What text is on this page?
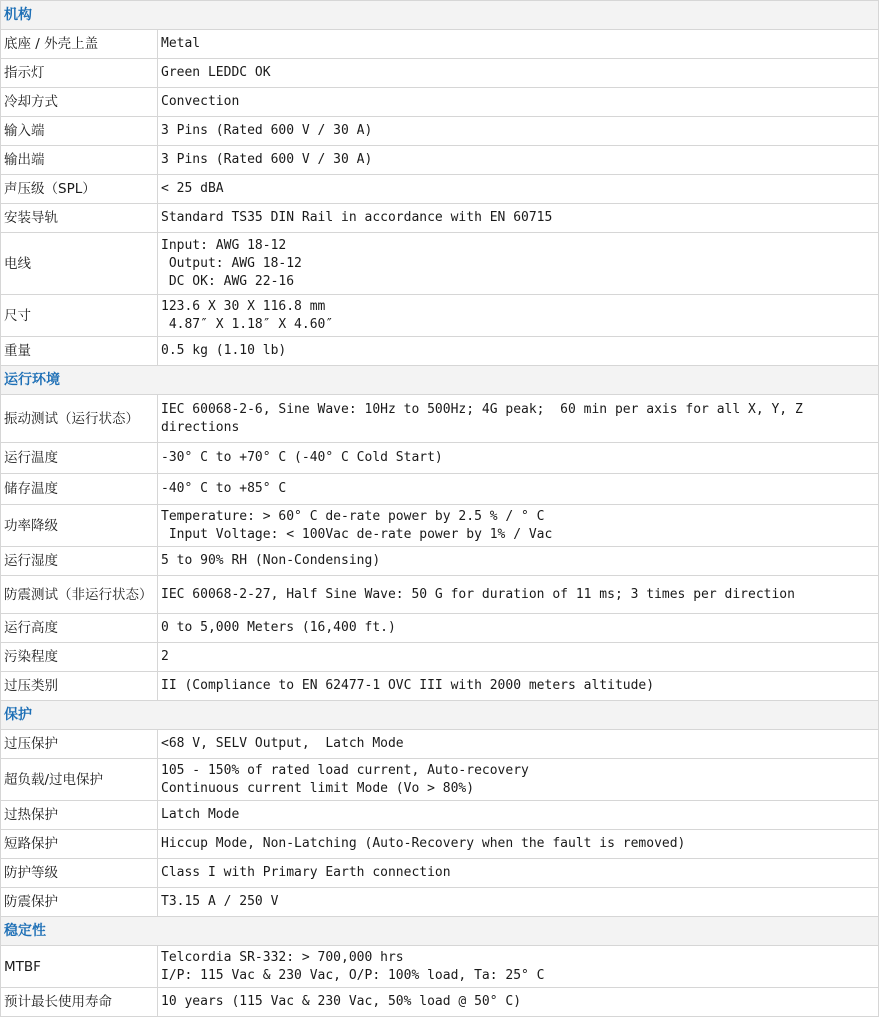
机构	
底座 / 外壳上盖	Metal

指示灯	Green LEDDC OK

冷却方式	Convection

输入端	3 Pins (Rated 600 V / 30 A)

输出端	3 Pins (Rated 600 V / 30 A)

声压级（SPL）	< 25 dBA

安装导轨	Standard TS35 DIN Rail in accordance with EN 60715

电线	Input: AWG 18-12
Output: AWG 18-12
DC OK: AWG 22-16

尺寸	123.6 X 30 X 116.8 mm
4.87″ X 1.18″ X 4.60″

重量	0.5 kg (1.10 lb)

运行环境	
振动测试（运行状态）	IEC 60068-2-6, Sine Wave: 10Hz to 500Hz; 4G peak;  60 min per axis for all X, Y, Z
directions

运行温度	-30° C to +70° C (-40° C Cold Start)

储存温度	-40° C to +85° C

功率降级	Temperature: > 60° C de-rate power by 2.5 % / ° C
Input Voltage: < 100Vac de-rate power by 1% / Vac

运行湿度	5 to 90% RH (Non-Condensing)

防震测试（非运行状态）	IEC 60068-2-27, Half Sine Wave: 50 G for duration of 11 ms; 3 times per direction

运行高度	0 to 5,000 Meters (16,400 ft.)

污染程度	2

过压类别	II (Compliance to EN 62477-1 OVC III with 2000 meters altitude)

保护	
过压保护	<68 V, SELV Output,  Latch Mode

超负载/过电保护	105 - 150% of rated load current, Auto-recovery
Continuous current limit Mode (Vo > 80%)

过热保护	Latch Mode

短路保护	Hiccup Mode, Non-Latching (Auto-Recovery when the fault is removed)

防护等级	Class I with Primary Earth connection

防震保护	T3.15 A / 250 V

稳定性	
MTBF	Telcordia SR-332: > 700,000 hrs
I/P: 115 Vac & 230 Vac, O/P: 100% load, Ta: 25° C

预计最长使用寿命	10 years (115 Vac & 230 Vac, 50% load @ 50° C)
